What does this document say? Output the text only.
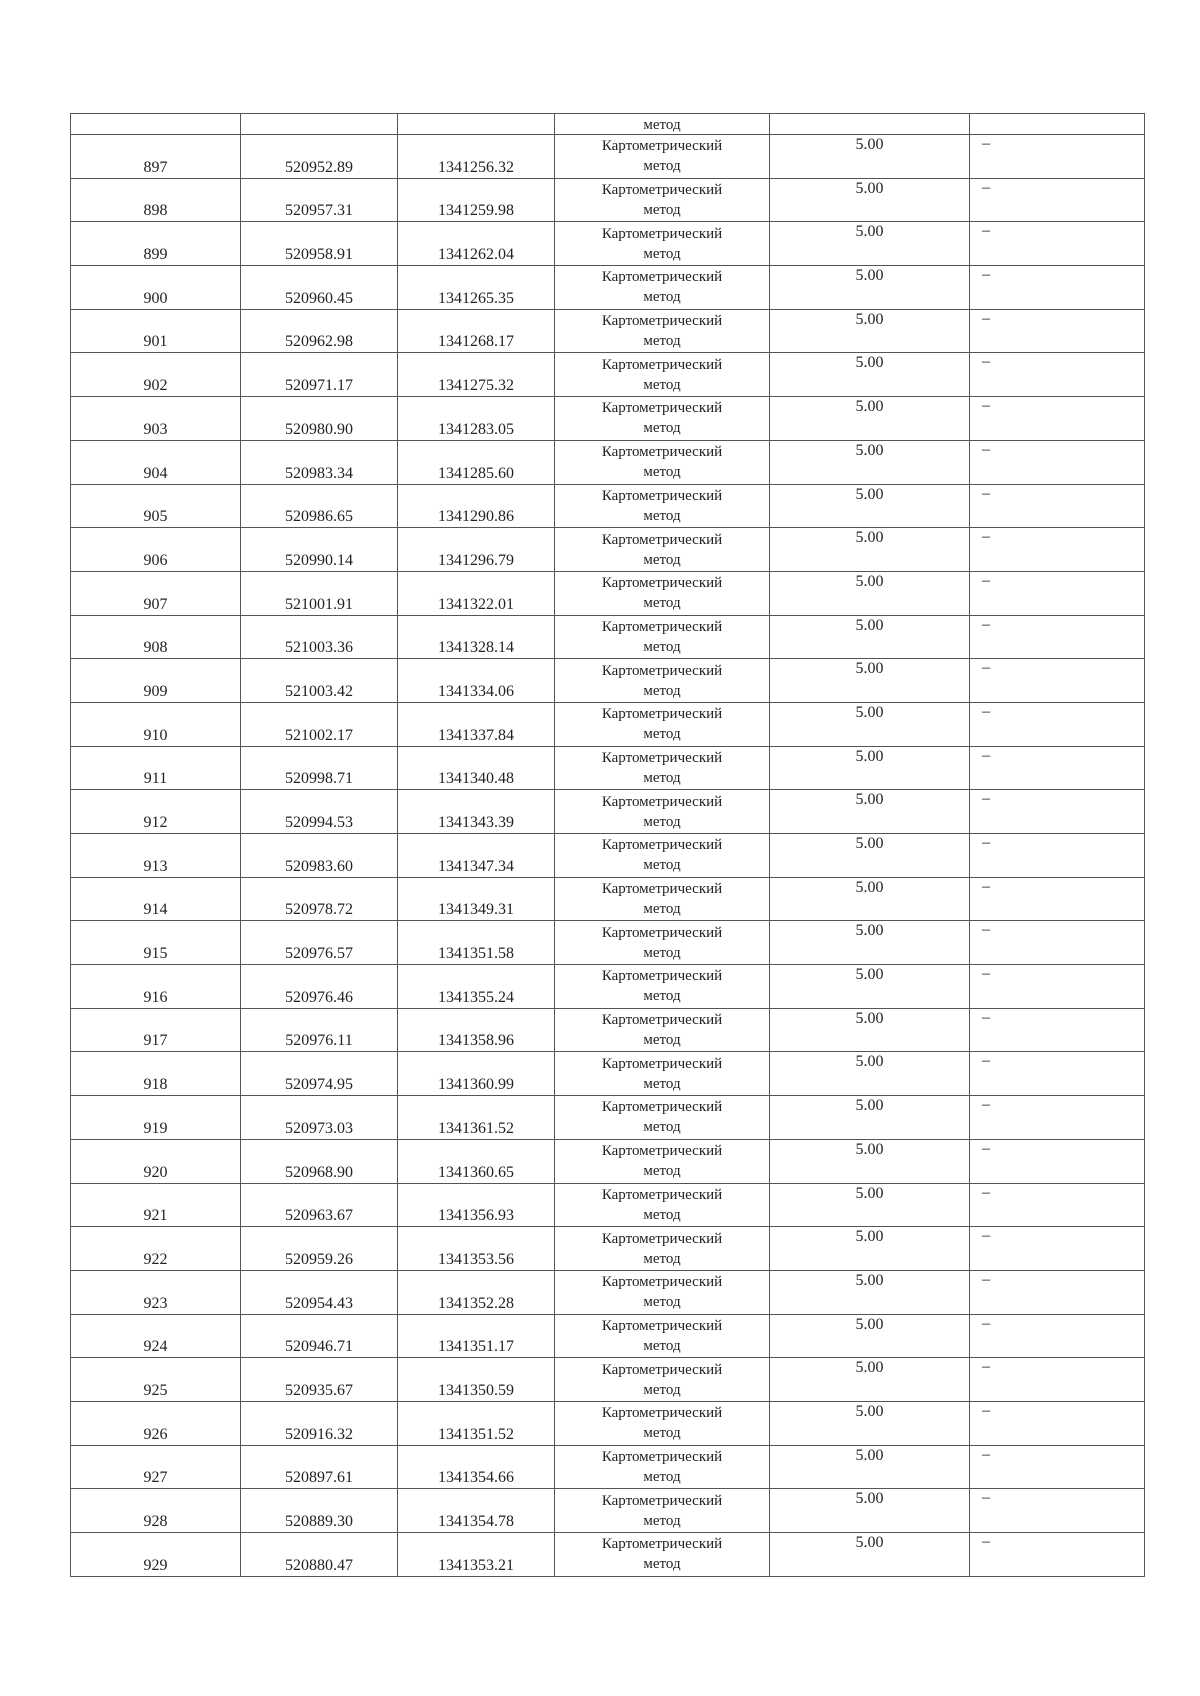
			метод		
897	520952.89	1341256.32	Картометрический
метод	5.00	–
898	520957.31	1341259.98	Картометрический
метод	5.00	–
899	520958.91	1341262.04	Картометрический
метод	5.00	–
900	520960.45	1341265.35	Картометрический
метод	5.00	–
901	520962.98	1341268.17	Картометрический
метод	5.00	–
902	520971.17	1341275.32	Картометрический
метод	5.00	–
903	520980.90	1341283.05	Картометрический
метод	5.00	–
904	520983.34	1341285.60	Картометрический
метод	5.00	–
905	520986.65	1341290.86	Картометрический
метод	5.00	–
906	520990.14	1341296.79	Картометрический
метод	5.00	–
907	521001.91	1341322.01	Картометрический
метод	5.00	–
908	521003.36	1341328.14	Картометрический
метод	5.00	–
909	521003.42	1341334.06	Картометрический
метод	5.00	–
910	521002.17	1341337.84	Картометрический
метод	5.00	–
911	520998.71	1341340.48	Картометрический
метод	5.00	–
912	520994.53	1341343.39	Картометрический
метод	5.00	–
913	520983.60	1341347.34	Картометрический
метод	5.00	–
914	520978.72	1341349.31	Картометрический
метод	5.00	–
915	520976.57	1341351.58	Картометрический
метод	5.00	–
916	520976.46	1341355.24	Картометрический
метод	5.00	–
917	520976.11	1341358.96	Картометрический
метод	5.00	–
918	520974.95	1341360.99	Картометрический
метод	5.00	–
919	520973.03	1341361.52	Картометрический
метод	5.00	–
920	520968.90	1341360.65	Картометрический
метод	5.00	–
921	520963.67	1341356.93	Картометрический
метод	5.00	–
922	520959.26	1341353.56	Картометрический
метод	5.00	–
923	520954.43	1341352.28	Картометрический
метод	5.00	–
924	520946.71	1341351.17	Картометрический
метод	5.00	–
925	520935.67	1341350.59	Картометрический
метод	5.00	–
926	520916.32	1341351.52	Картометрический
метод	5.00	–
927	520897.61	1341354.66	Картометрический
метод	5.00	–
928	520889.30	1341354.78	Картометрический
метод	5.00	–
929	520880.47	1341353.21	Картометрический
метод	5.00	–
